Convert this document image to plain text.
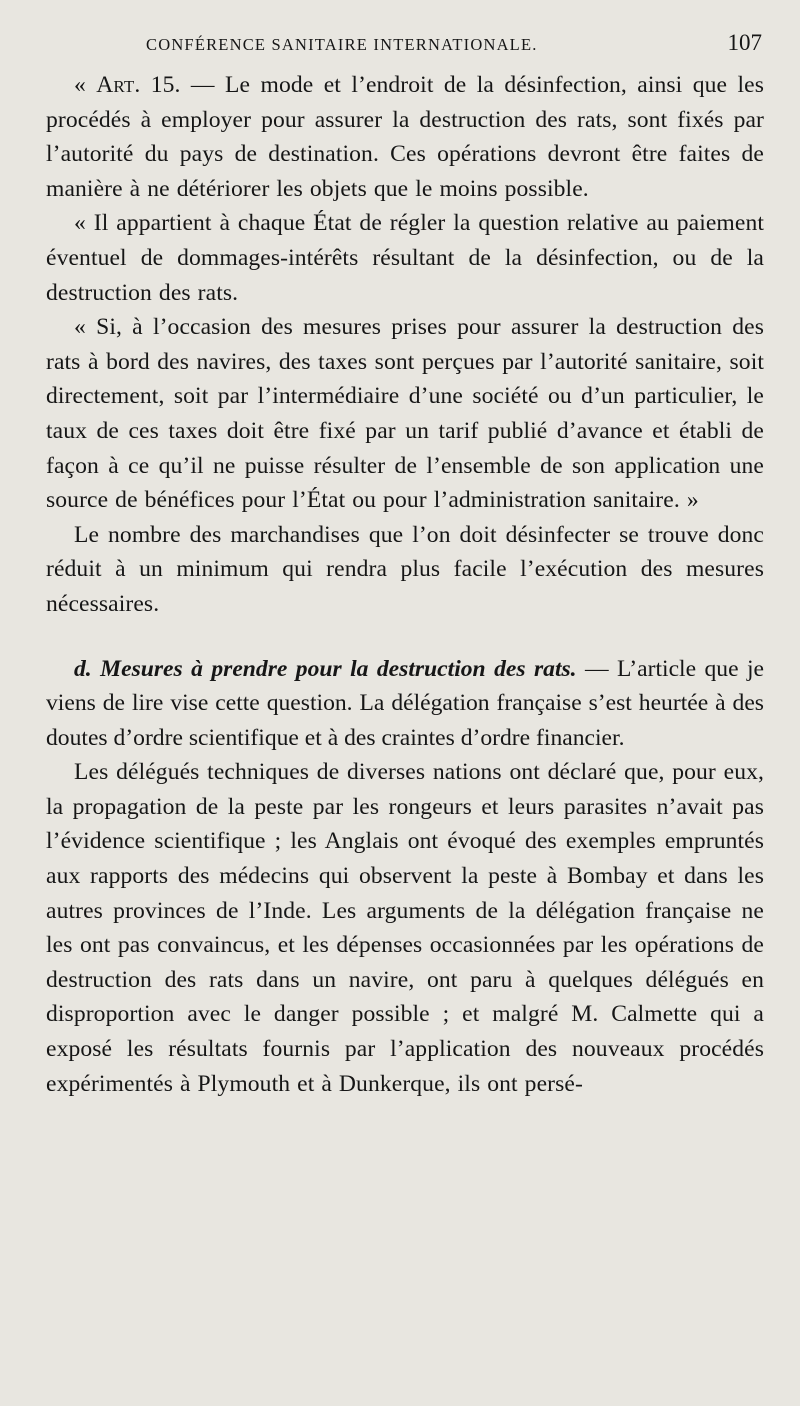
CONFÉRENCE SANITAIRE INTERNATIONALE.	107

« Art. 15. — Le mode et l’endroit de la désinfection, ainsi que les procédés à employer pour assurer la destruction des rats, sont fixés par l’autorité du pays de destination. Ces opérations devront être faites de manière à ne détériorer les objets que le moins possible.

« Il appartient à chaque État de régler la question relative au paiement éventuel de dommages-intérêts résultant de la désinfection, ou de la destruction des rats.

« Si, à l’occasion des mesures prises pour assurer la destruction des rats à bord des navires, des taxes sont perçues par l’autorité sanitaire, soit directement, soit par l’intermédiaire d’une société ou d’un particulier, le taux de ces taxes doit être fixé par un tarif publié d’avance et établi de façon à ce qu’il ne puisse résulter de l’ensemble de son application une source de bénéfices pour l’État ou pour l’administration sanitaire. »

Le nombre des marchandises que l’on doit désinfecter se trouve donc réduit à un minimum qui rendra plus facile l’exécution des mesures nécessaires.

d. Mesures à prendre pour la destruction des rats. — L’article que je viens de lire vise cette question. La délégation française s’est heurtée à des doutes d’ordre scientifique et à des craintes d’ordre financier.

Les délégués techniques de diverses nations ont déclaré que, pour eux, la propagation de la peste par les rongeurs et leurs parasites n’avait pas l’évidence scientifique ; les Anglais ont évoqué des exemples empruntés aux rapports des médecins qui observent la peste à Bombay et dans les autres provinces de l’Inde. Les arguments de la délégation française ne les ont pas convaincus, et les dépenses occasionnées par les opérations de destruction des rats dans un navire, ont paru à quelques délégués en disproportion avec le danger possible ; et malgré M. Calmette qui a exposé les résultats fournis par l’application des nouveaux procédés expérimentés à Plymouth et à Dunkerque, ils ont persé-
